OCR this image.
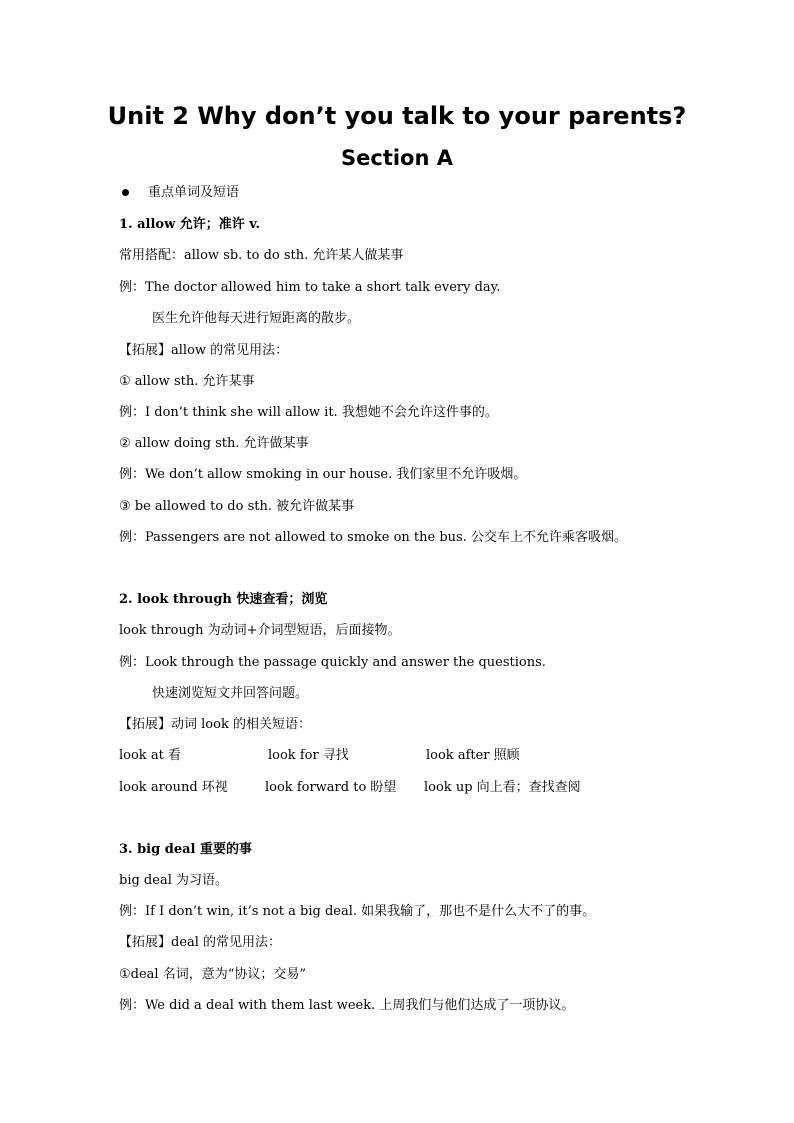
Unit 2 Why don’t you talk to your parents?
Section A
重点单词及短语
1. allow 允许；准许 v.
常用搭配：allow sb. to do sth. 允许某人做某事
例：The doctor allowed him to take a short talk every day.
医生允许他每天进行短距离的散步。
【拓展】allow 的常见用法：
① allow sth. 允许某事
例：I don’t think she will allow it. 我想她不会允许这件事的。
② allow doing sth. 允许做某事
例：We don’t allow smoking in our house. 我们家里不允许吸烟。
③ be allowed to do sth. 被允许做某事
例：Passengers are not allowed to smoke on the bus. 公交车上不允许乘客吸烟。
2. look through 快速查看；浏览
look through 为动词+介词型短语，后面接物。
例：Look through the passage quickly and answer the questions.
快速浏览短文并回答问题。
【拓展】动词 look 的相关短语：
look at 看	look for 寻找	look after 照顾
look around 环视	look forward to 盼望 look up 向上看；查找查阅
3. big deal 重要的事
big deal 为习语。
例：If I don’t win, it’s not a big deal. 如果我输了，那也不是什么大不了的事。
【拓展】deal 的常见用法：
①deal 名词，意为“协议；交易”
例：We did a deal with them last week. 上周我们与他们达成了一项协议。
